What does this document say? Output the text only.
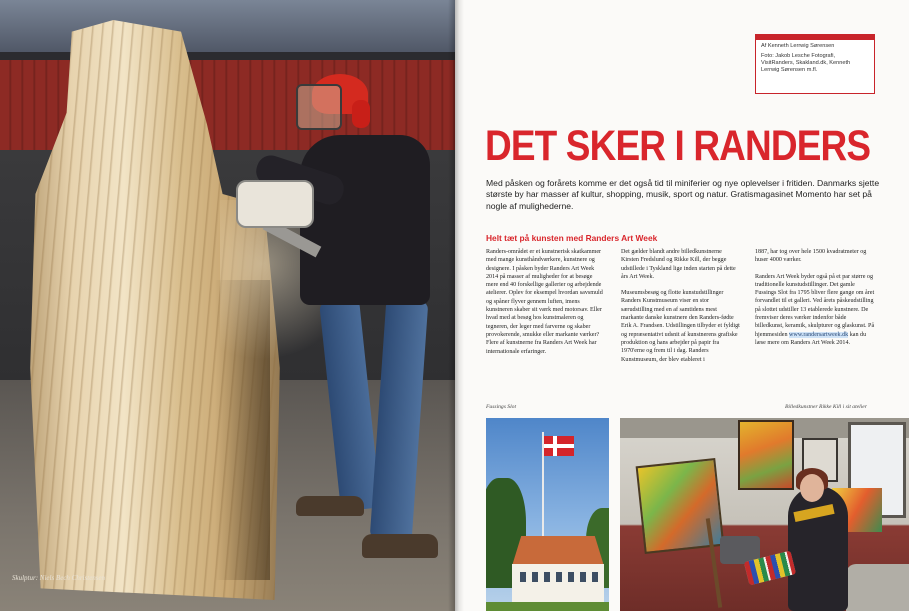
Skulptur: Niels Bech Christensen

Af Kenneth Lerrwig Sørensen

Foto: Jakob Lesche Fotografi, VisitRanders, Skakland.dk, Kenneth Lerrwig Sørensen m.fl.

DET SKER I RANDERS
Med påsken og forårets komme er det også tid til miniferier og nye oplevelser i fritiden. Danmarks sjette største by har masser af kultur, shopping, musik, sport og natur. Gratismagasinet Momento har set på nogle af mulighederne.
Helt tæt på kunsten med Randers Art Week

Randers-området er et kunstnerisk skatkammer med mange kunsthåndværkere, kunstnere og designere. I påsken byder Randers Art Week 2014 på masser af muligheder for at besøge mere end 40 forskellige gallerier og arbejdende atelierer. Oplev for eksempel hvordan savsmuld og spåner flyver gennem luften, imens kunstneren skaber sit værk med motorsav. Eller hvad med at besøg hos kunstmaleren og tegneren, der leger med farverne og skaber provokerende, smukke eller markante værker? Flere af kunstnerne fra Randers Art Week har internationale erfaringer.

Det gælder blandt andre billedkunstnerne Kirsten Fredslund og Rikke Kill, der begge udstillede i Tyskland lige inden starten på dette års Art Week.

Museumsbesøg og flotte kunstudstillinger Randers Kunstmuseum viser en stor særudstilling med en af samtidens mest markante danske kunstnere den Randers-fødte Erik A. Frandsen. Udstillingen tilbyder et fyldigt og repræsentativt udsnit af kunstnerens grafiske produktion og hans arbejder på papir fra 1970'erne og frem til i dag. Randers Kunstmuseum, der blev etableret i

1887, har tog over hele 1500 kvadratmeter og huser 4000 værker.

Randers Art Week byder også på et par større og traditionelle kunstudstillinger. Det gamle Fussings Slot fra 1795 bliver flere gange om året forvandlet til et galleri. Ved årets påskeudstilling på slottet udstiller 13 etablerede kunstnere. De fremviser deres værker indenfor både billedkunst, keramik, skulpturer og glaskunst. På hjemmesiden www.randersartweek.dk kan du læse mere om Randers Art Week 2014.

Fussings Slot	Billedkunstner Rikke Kill i sit atelier
